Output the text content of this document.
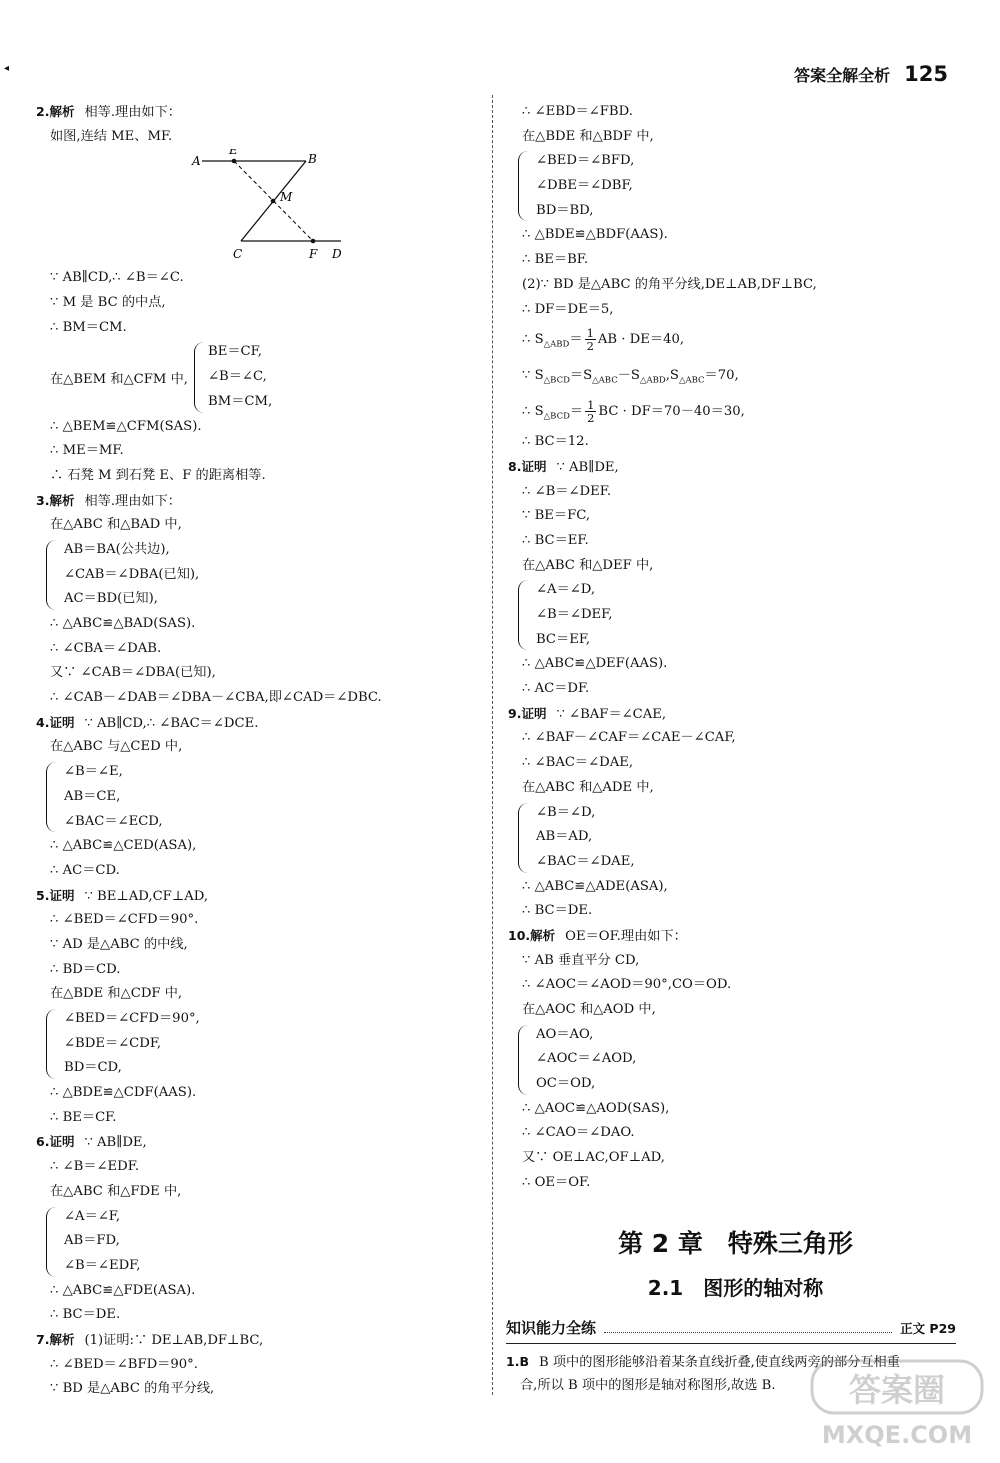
◂	答案全解全析 125
2.解析 相等.理由如下：
如图,连结 ME、MF.
A
E
B
M
C	F D
∵ AB∥CD,∴ ∠B＝∠C.
∵ M 是 BC 的中点,
∴ BM＝CM.
在△BEM 和△CFM 中,
BE＝CF,
∠B＝∠C,
BM＝CM,
∴ △BEM≌△CFM(SAS).
∴ ME＝MF.
∴ 石凳 M 到石凳 E、F 的距离相等.
3.解析 相等.理由如下：
在△ABC 和△BAD 中,
AB＝BA(公共边),
∠CAB＝∠DBA(已知),
AC＝BD(已知),
∴ △ABC≌△BAD(SAS).
∴ ∠CBA＝∠DAB.
又∵ ∠CAB＝∠DBA(已知),
∴ ∠CAB－∠DAB＝∠DBA－∠CBA,即∠CAD＝∠DBC.
4.证明 ∵ AB∥CD,∴ ∠BAC＝∠DCE.
在△ABC 与△CED 中,
∠B＝∠E,
AB＝CE,
∠BAC＝∠ECD,
∴ △ABC≌△CED(ASA),
∴ AC＝CD.
5.证明 ∵ BE⊥AD,CF⊥AD,
∴ ∠BED＝∠CFD＝90°.
∵ AD 是△ABC 的中线,
∴ BD＝CD.
在△BDE 和△CDF 中,
∠BED＝∠CFD＝90°,
∠BDE＝∠CDF,
BD＝CD,
∴ △BDE≌△CDF(AAS).
∴ BE＝CF.
6.证明 ∵ AB∥DE,
∴ ∠B＝∠EDF.
在△ABC 和△FDE 中,
∠A＝∠F,
AB＝FD,
∠B＝∠EDF,
∴ △ABC≌△FDE(ASA).
∴ BC＝DE.
7.解析 (1)证明:∵ DE⊥AB,DF⊥BC,
∴ ∠BED＝∠BFD＝90°.
∵ BD 是△ABC 的角平分线,
∴ ∠EBD＝∠FBD.
在△BDE 和△BDF 中,
∠BED＝∠BFD,
∠DBE＝∠DBF,
BD＝BD,
∴ △BDE≌△BDF(AAS).
∴ BE＝BF.
(2)∵ BD 是△ABC 的角平分线,DE⊥AB,DF⊥BC,
∴ DF＝DE＝5,
∴ $S_{\triangle ABD}= \frac{1}{2}$ AB · DE＝40,
∵ $S_{\triangle BCD}=S_{\triangle ABC}-S_{\triangle ABD},S_{\triangle ABC}=70$,
∴ $S_{\triangle BCD}= \frac{1}{2}$ BC · DF＝70－40＝30,
∴ BC＝12.
8.证明 ∵ AB∥DE,
∴ ∠B＝∠DEF.
∵ BE＝FC,
∴ BC＝EF.
在△ABC 和△DEF 中,
∠A＝∠D,
∠B＝∠DEF,
BC＝EF,
∴ △ABC≌△DEF(AAS).
∴ AC＝DF.
9.证明 ∵ ∠BAF＝∠CAE,
∴ ∠BAF－∠CAF＝∠CAE－∠CAF,
∴ ∠BAC＝∠DAE,
在△ABC 和△ADE 中,
∠B＝∠D,
AB＝AD,
∠BAC＝∠DAE,
∴ △ABC≌△ADE(ASA),
∴ BC＝DE.
10.解析 OE＝OF.理由如下：
∵ AB 垂直平分 CD,
∴ ∠AOC＝∠AOD＝90°,CO＝OD.
在△AOC 和△AOD 中,
AO＝AO,
∠AOC＝∠AOD,
OC＝OD,
∴ △AOC≌△AOD(SAS),
∴ ∠CAO＝∠DAO.
又∵ OE⊥AC,OF⊥AD,
∴ OE＝OF.
第 2 章　特殊三角形
2.1　图形的轴对称
知识能力全练	正文 P29
1.B B 项中的图形能够沿着某条直线折叠,使直线两旁的部分互相重
合,所以 B 项中的图形是轴对称图形,故选 B.	答案圈
MXQE.COM
